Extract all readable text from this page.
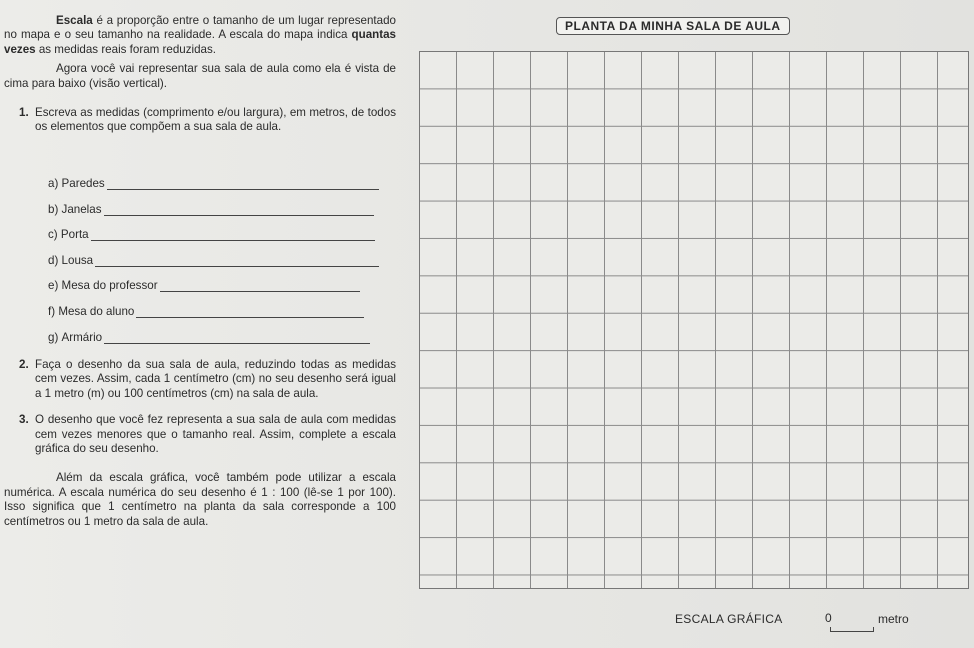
Escala é a proporção entre o tamanho de um lugar representado no mapa e o seu tamanho na realidade. A escala do mapa indica quantas vezes as medidas reais foram reduzidas.

Agora você vai representar sua sala de aula como ela é vista de cima para baixo (visão vertical).

1. Escreva as medidas (comprimento e/ou largura), em metros, de todos os elementos que compõem a sua sala de aula.

a)
Paredes
b)
Janelas
c)
Porta
d)
Lousa
e)
Mesa do professor
f)
Mesa do aluno
g)
Armário

2. Faça o desenho da sua sala de aula, reduzindo todas as medidas cem vezes. Assim, cada 1 centímetro (cm) no seu desenho será igual a 1 metro (m) ou 100 centímetros (cm) na sala de aula.

3. O desenho que você fez representa a sua sala de aula com medidas cem vezes menores que o tamanho real. Assim, complete a escala gráfica do seu desenho.

Além da escala gráfica, você também pode utilizar a escala numérica. A escala numérica do seu desenho é 1 : 100 (lê-se 1 por 100). Isso significa que 1 centímetro na planta da sala corresponde a 100 centímetros ou 1 metro da sala de aula.

PLANTA DA MINHA SALA DE AULA
ESCALA GRÁFICA	0	metro
